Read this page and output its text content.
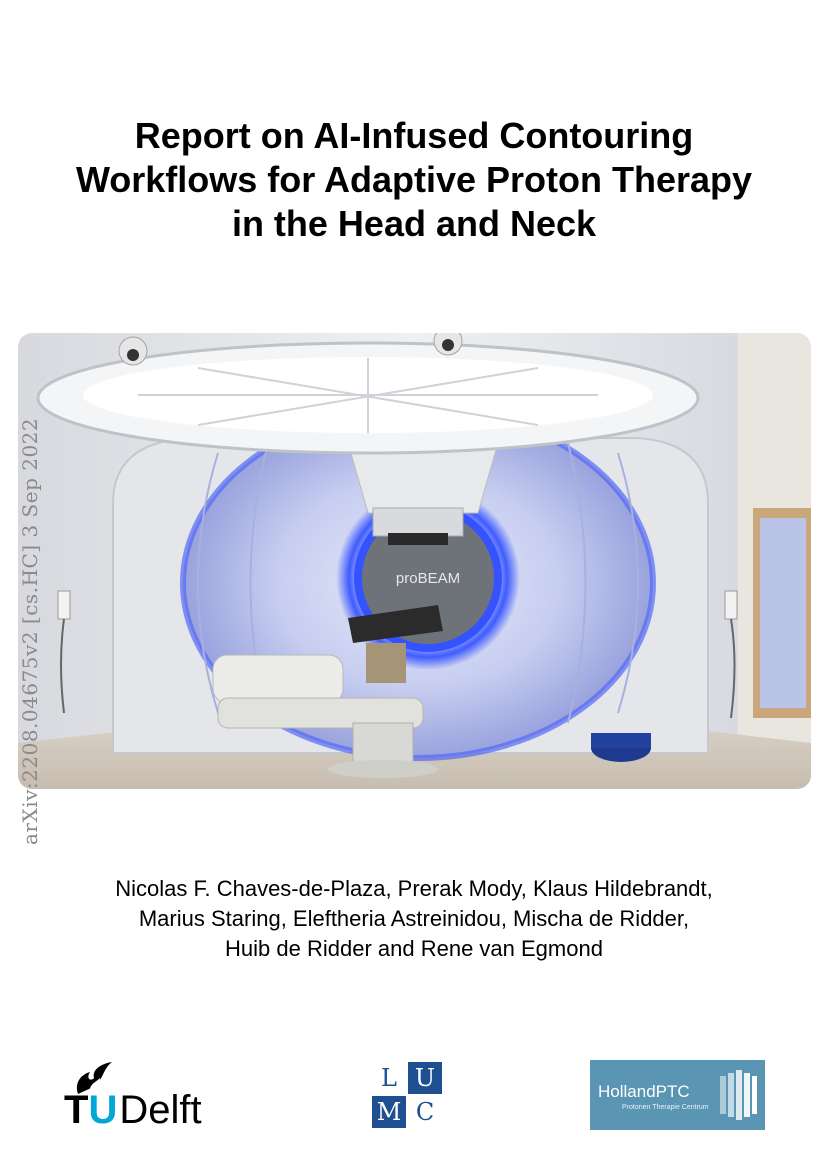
Report on AI-Infused Contouring
Workflows for Adaptive Proton Therapy
in the Head and Neck
proBEAM
arXiv:2208.04675v2 [cs.HC] 3 Sep 2022
Nicolas F. Chaves-de-Plaza, Prerak Mody, Klaus Hildebrandt,
Marius Staring, Eleftheria Astreinidou, Mischa de Ridder,
Huib de Ridder and Rene van Egmond
TUDelft
L U
M C
HollandPTC
Protonen Therapie Centrum
